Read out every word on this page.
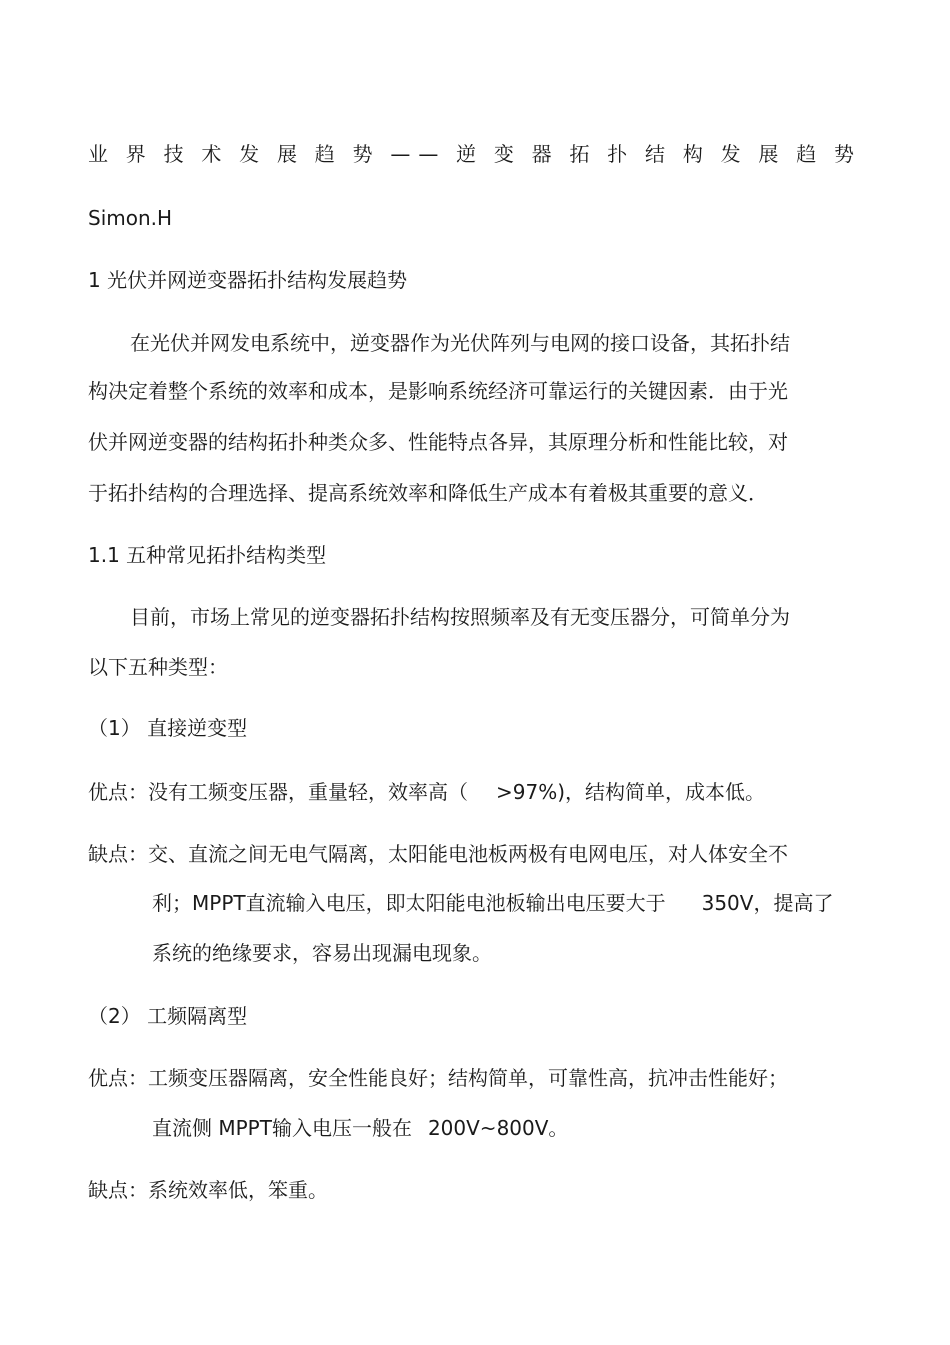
业界技术发展趋势——逆变器拓扑结构发展趋势
Simon.H
1 光伏并网逆变器拓扑结构发展趋势
在光伏并网发电系统中，逆变器作为光伏阵列与电网的接口设备，其拓扑结
构决定着整个系统的效率和成本，是影响系统经济可靠运行的关键因素．由于光
伏并网逆变器的结构拓扑种类众多、性能特点各异，其原理分析和性能比较，对
于拓扑结构的合理选择、提高系统效率和降低生产成本有着极其重要的意义．
1.1 五种常见拓扑结构类型
目前，市场上常见的逆变器拓扑结构按照频率及有无变压器分，可简单分为
以下五种类型：
（1） 直接逆变型
优点：没有工频变压器，重量轻，效率高（ >97%)，结构简单，成本低。
缺点：交、直流之间无电气隔离，太阳能电池板两极有电网电压，对人体安全不
利；MPPT直流输入电压，即太阳能电池板输出电压要大于 350V，提高了
系统的绝缘要求，容易出现漏电现象。
（2） 工频隔离型
优点：工频变压器隔离，安全性能良好；结构简单，可靠性高，抗冲击性能好；
直流侧 MPPT输入电压一般在 200V~800V。
缺点：系统效率低，笨重。
